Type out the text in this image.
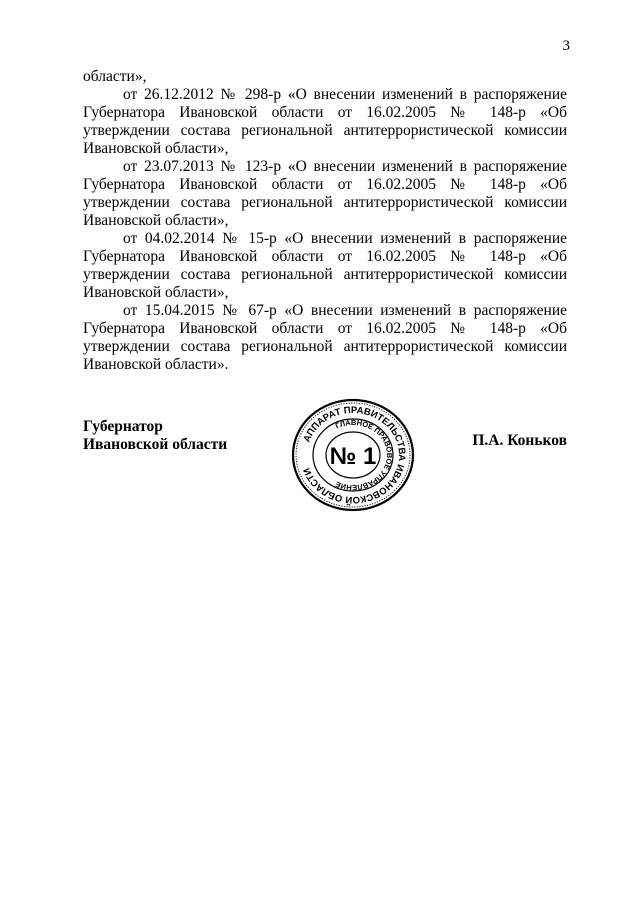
3

области»,

от 26.12.2012 № 298-р «О внесении изменений в распоряжение Губернатора Ивановской области от 16.02.2005 № 148-р «Об утверждении состава региональной антитеррористической комиссии Ивановской области»,

от 23.07.2013 № 123-р «О внесении изменений в распоряжение Губернатора Ивановской области от 16.02.2005 № 148-р «Об утверждении состава региональной антитеррористической комиссии Ивановской области»,

от 04.02.2014 № 15-р «О внесении изменений в распоряжение Губернатора Ивановской области от 16.02.2005 № 148-р «Об утверждении состава региональной антитеррористической комиссии Ивановской области»,

от 15.04.2015 № 67-р «О внесении изменений в распоряжение Губернатора Ивановской области от 16.02.2005 № 148-р «Об утверждении состава региональной антитеррористической комиссии Ивановской области».

Губернатор
Ивановской области	АППАРАТ ПРАВИТЕЛЬСТВА ИВАНОВСКОЙ ОБЛАСТИ
ГЛАВНОЕ ПРАВОВОЕ УПРАВЛЕНИЕ
№ 1
П.А. Коньков
